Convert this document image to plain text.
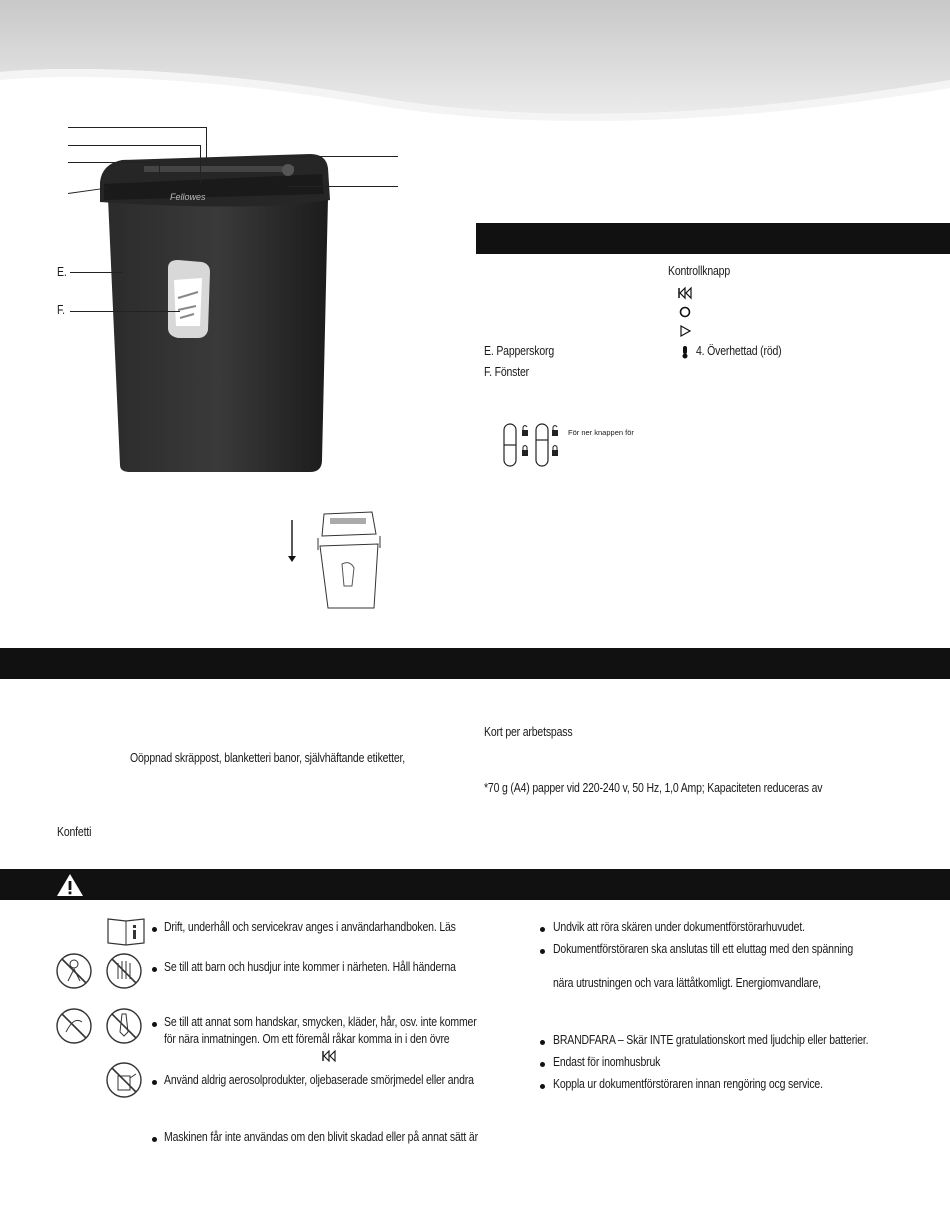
Fellowes
E.
F.
Kontrollknapp
4. Överhettad (röd)
E. Papperskorg
F. Fönster
För ner knappen för
Kort per arbetspass
Oöppnad skräppost, blanketteri banor, självhäftande etiketter,
*70 g (A4) papper vid 220-240 v, 50 Hz, 1,0 Amp; Kapaciteten reduceras av
Konfetti
Drift, underhåll och servicekrav anges i användarhandboken. Läs
Se till att barn och husdjur inte kommer i närheten. Håll händerna
Se till att annat som handskar, smycken, kläder, hår, osv. inte kommer
för nära inmatningen. Om ett föremål råkar komma in i den övre
Använd aldrig aerosolprodukter, oljebaserade smörjmedel eller andra
Maskinen får inte användas om den blivit skadad eller på annat sätt är
Undvik att röra skären under dokumentförstörarhuvudet.
Dokumentförstöraren ska anslutas till ett eluttag med den spänning
nära utrustningen och vara lättåtkomligt. Energiomvandlare,
BRANDFARA – Skär INTE gratulationskort med ljudchip eller batterier.
Endast för inomhusbruk
Koppla ur dokumentförstöraren innan rengöring ocg service.
